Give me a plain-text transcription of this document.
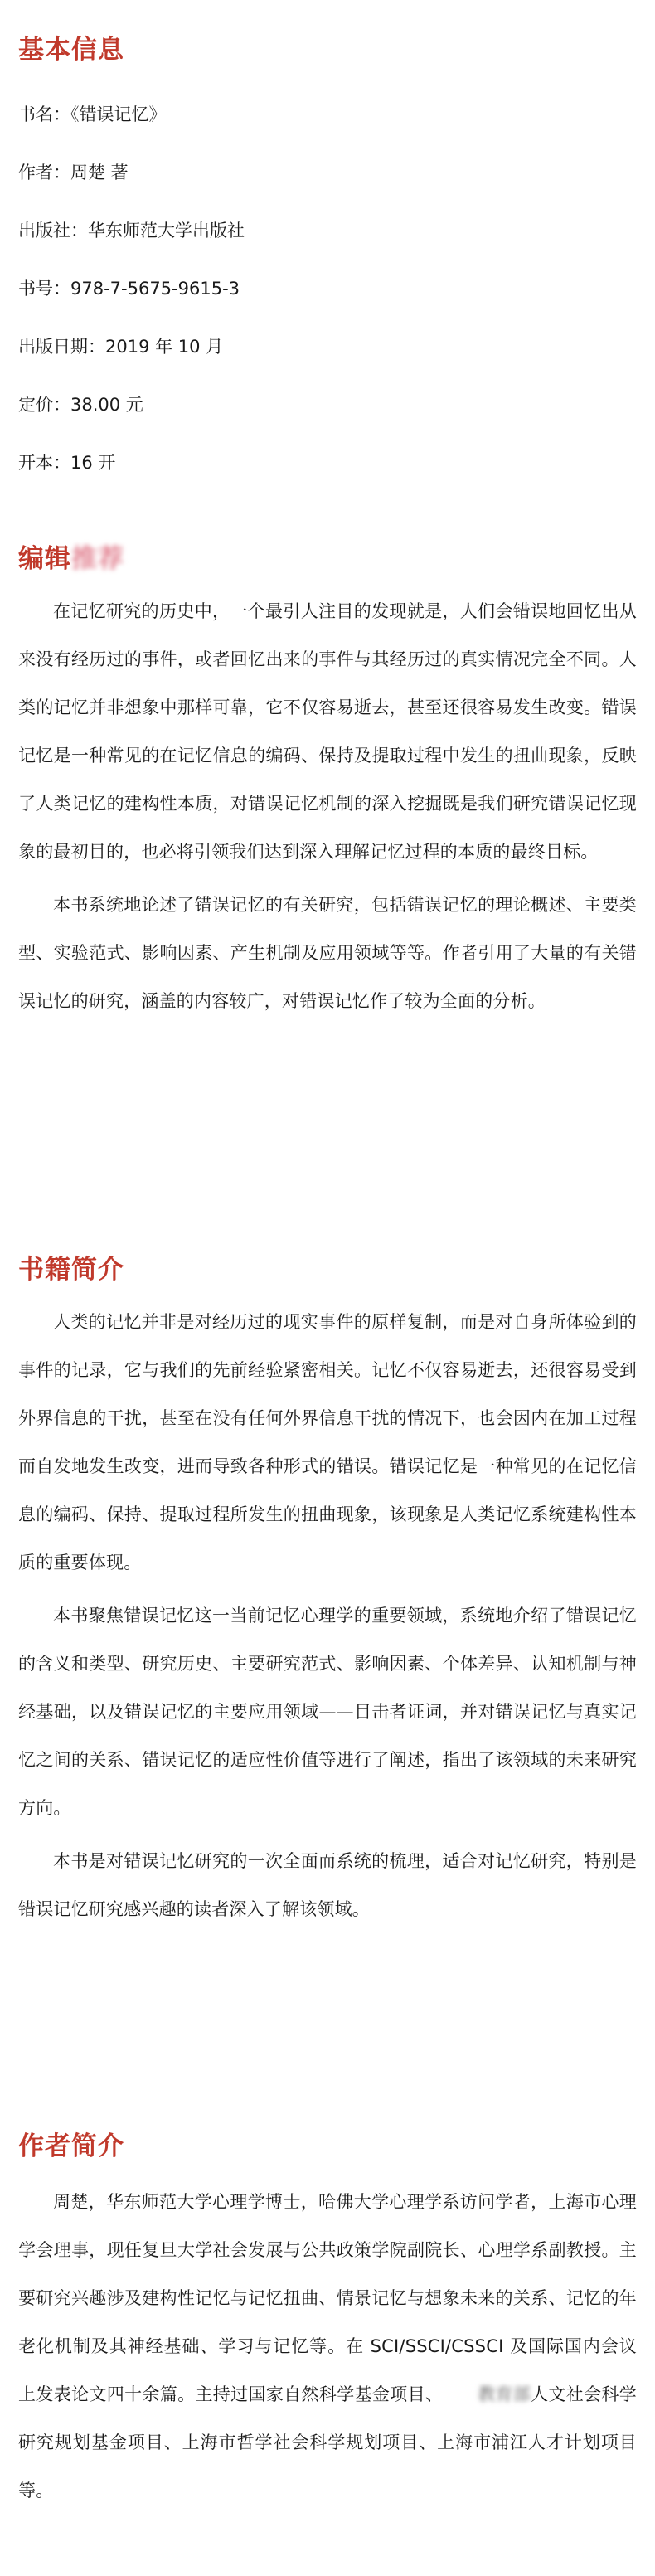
基本信息

书名：《错误记忆》

作者：周楚 著

出版社：华东师范大学出版社

书号：978-7-5675-9615-3

出版日期：2019 年 10 月

定价：38.00 元

开本：16 开

编辑推荐

在记忆研究的历史中，一个最引人注目的发现就是，人们会错误地回忆出从来没有经历过的事件，或者回忆出来的事件与其经历过的真实情况完全不同。人类的记忆并非想象中那样可靠，它不仅容易逝去，甚至还很容易发生改变。错误记忆是一种常见的在记忆信息的编码、保持及提取过程中发生的扭曲现象，反映了人类记忆的建构性本质，对错误记忆机制的深入挖掘既是我们研究错误记忆现象的最初目的，也必将引领我们达到深入理解记忆过程的本质的最终目标。

本书系统地论述了错误记忆的有关研究，包括错误记忆的理论概述、主要类型、实验范式、影响因素、产生机制及应用领域等等。作者引用了大量的有关错误记忆的研究，涵盖的内容较广，对错误记忆作了较为全面的分析。

书籍简介

人类的记忆并非是对经历过的现实事件的原样复制，而是对自身所体验到的事件的记录，它与我们的先前经验紧密相关。记忆不仅容易逝去，还很容易受到外界信息的干扰，甚至在没有任何外界信息干扰的情况下，也会因内在加工过程而自发地发生改变，进而导致各种形式的错误。错误记忆是一种常见的在记忆信息的编码、保持、提取过程所发生的扭曲现象，该现象是人类记忆系统建构性本质的重要体现。

本书聚焦错误记忆这一当前记忆心理学的重要领域，系统地介绍了错误记忆的含义和类型、研究历史、主要研究范式、影响因素、个体差异、认知机制与神经基础，以及错误记忆的主要应用领域——目击者证词，并对错误记忆与真实记忆之间的关系、错误记忆的适应性价值等进行了阐述，指出了该领域的未来研究方向。

本书是对错误记忆研究的一次全面而系统的梳理，适合对记忆研究，特别是错误记忆研究感兴趣的读者深入了解该领域。

作者简介

周楚，华东师范大学心理学博士，哈佛大学心理学系访问学者，上海市心理学会理事，现任复旦大学社会发展与公共政策学院副院长、心理学系副教授。主要研究兴趣涉及建构性记忆与记忆扭曲、情景记忆与想象未来的关系、记忆的年老化机制及其神经基础、学习与记忆等。在 SCI/SSCI/CSSCI 及国际国内会议上发表论文四十余篇。主持过国家自然科学基金项目、 教育部人文社会科学研究规划基金项目、上海市哲学社会科学规划项目、上海市浦江人才计划项目等。
